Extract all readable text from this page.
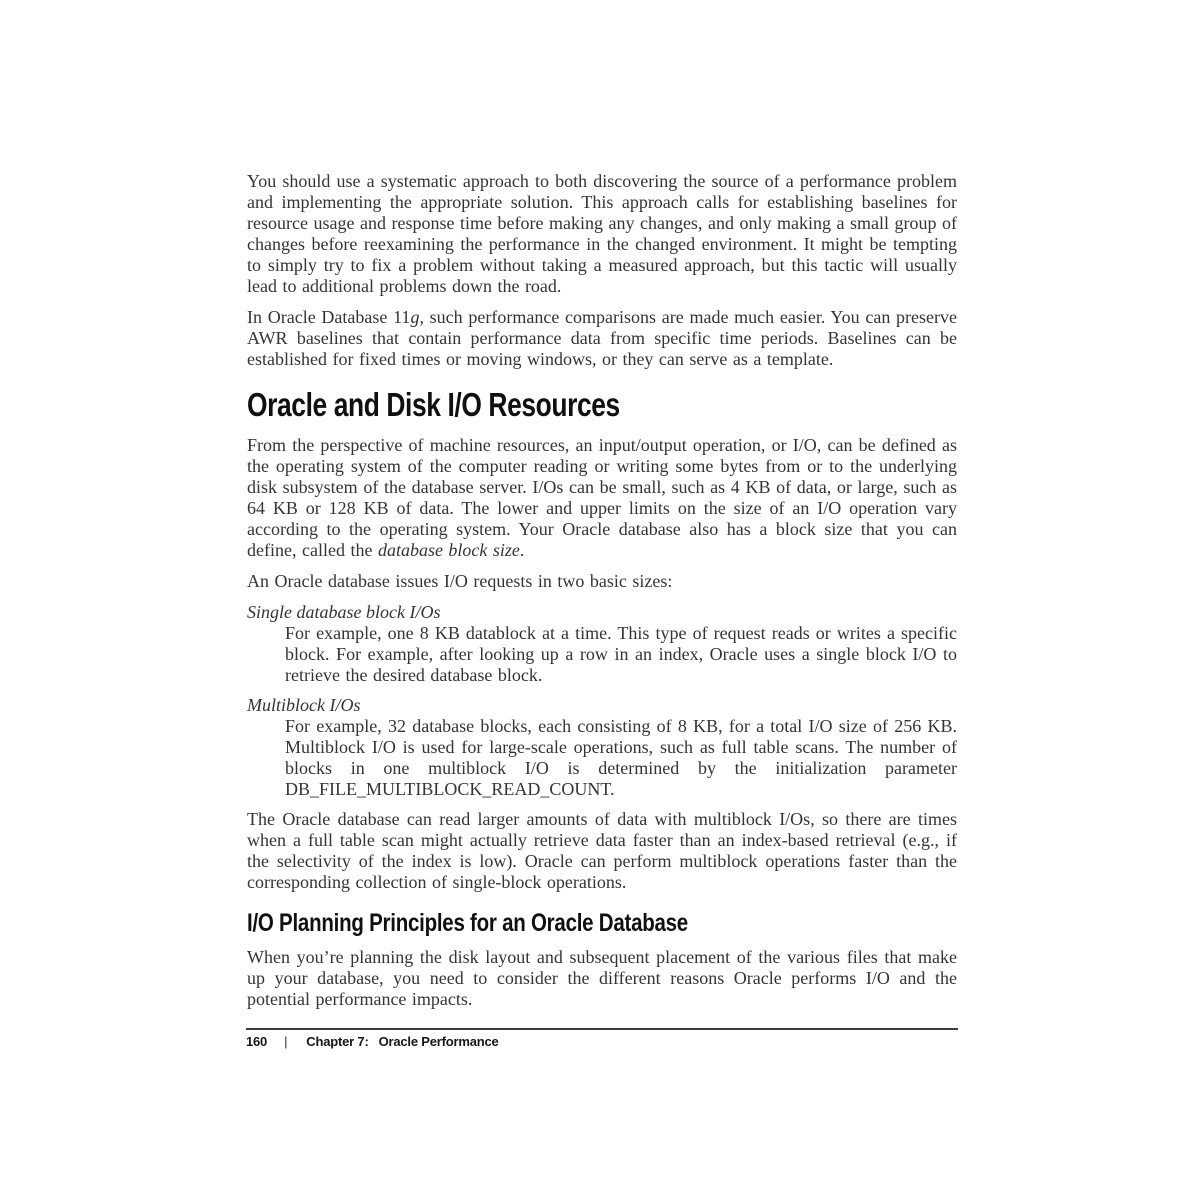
You should use a systematic approach to both discovering the source of a performance problem and implementing the appropriate solution. This approach calls for establishing baselines for resource usage and response time before making any changes, and only making a small group of changes before reexamining the performance in the changed environment. It might be tempting to simply try to fix a problem without taking a measured approach, but this tactic will usually lead to additional problems down the road.

In Oracle Database 11g, such performance comparisons are made much easier. You can preserve AWR baselines that contain performance data from specific time periods. Baselines can be established for fixed times or moving windows, or they can serve as a template.

Oracle and Disk I/O Resources

From the perspective of machine resources, an input/output operation, or I/O, can be defined as the operating system of the computer reading or writing some bytes from or to the underlying disk subsystem of the database server. I/Os can be small, such as 4 KB of data, or large, such as 64 KB or 128 KB of data. The lower and upper limits on the size of an I/O operation vary according to the operating system. Your Oracle database also has a block size that you can define, called the database block size.

An Oracle database issues I/O requests in two basic sizes:

Single database block I/Os

For example, one 8 KB datablock at a time. This type of request reads or writes a specific block. For example, after looking up a row in an index, Oracle uses a single block I/O to retrieve the desired database block.

Multiblock I/Os

For example, 32 database blocks, each consisting of 8 KB, for a total I/O size of 256 KB. Multiblock I/O is used for large-scale operations, such as full table scans. The number of blocks in one multiblock I/O is determined by the initialization parameter DB_FILE_MULTIBLOCK_READ_COUNT.

The Oracle database can read larger amounts of data with multiblock I/Os, so there are times when a full table scan might actually retrieve data faster than an index-based retrieval (e.g., if the selectivity of the index is low). Oracle can perform multiblock operations faster than the corresponding collection of single-block operations.

I/O Planning Principles for an Oracle Database

When you’re planning the disk layout and subsequent placement of the various files that make up your database, you need to consider the different reasons Oracle performs I/O and the potential performance impacts.

160 | Chapter 7: Oracle Performance
